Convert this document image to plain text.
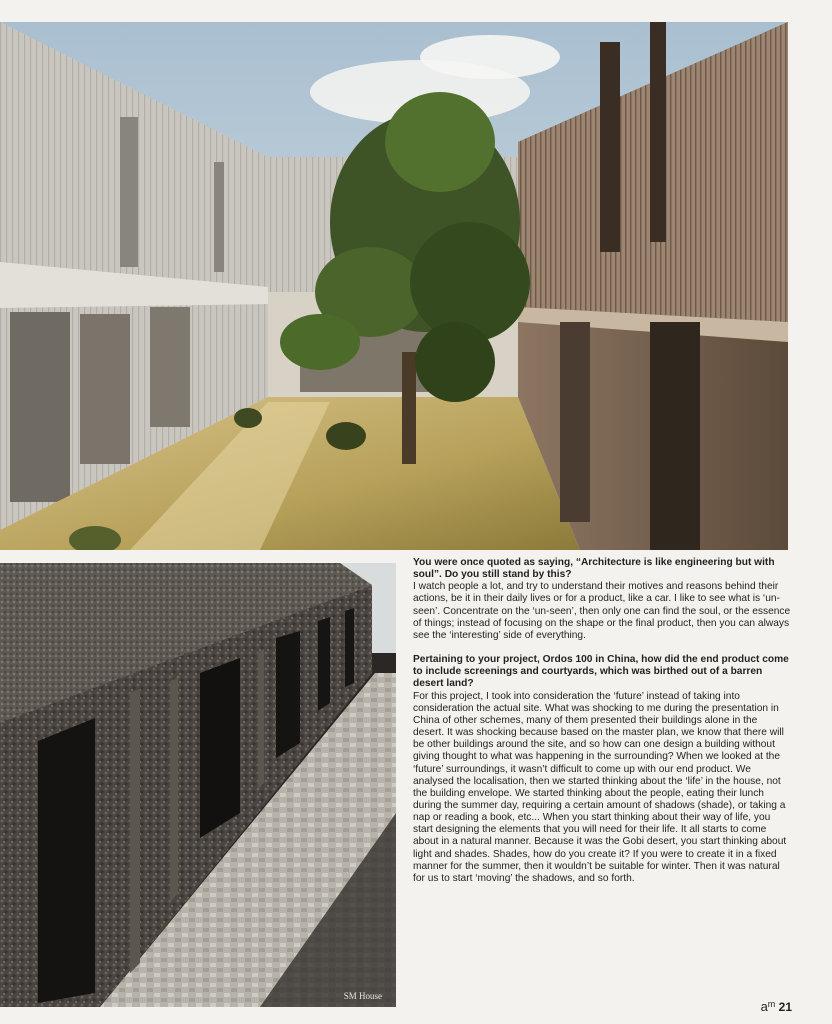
SM House

You were once quoted as saying, “Architecture is like engineering but with soul”. Do you still stand by this?

I watch people a lot, and try to understand their motives and reasons behind their actions, be it in their daily lives or for a product, like a car. I like to see what is ‘un-seen’. Concentrate on the ‘un-seen’, then only one can find the soul, or the essence of things; instead of focusing on the shape or the final product, then you can always see the ‘interesting’ side of everything.

Pertaining to your project, Ordos 100 in China, how did the end product come to include screenings and courtyards, which was birthed out of a barren desert land?

For this project, I took into consideration the ‘future’ instead of taking into consideration the actual site. What was shocking to me during the presentation in China of other schemes, many of them presented their buildings alone in the desert. It was shocking because based on the master plan, we know that there will be other buildings around the site, and so how can one design a building without giving thought to what was happening in the surrounding? When we looked at the ‘future’ surroundings, it wasn’t difficult to come up with our end product. We analysed the localisation, then we started thinking about the ‘life’ in the house, not the building envelope. We started thinking about the people, eating their lunch during the summer day, requiring a certain amount of shadows (shade), or taking a nap or reading a book, etc... When you start thinking about their way of life, you start designing the elements that you will need for their life. It all starts to come about in a natural manner. Because it was the Gobi desert, you start thinking about light and shades. Shades, how do you create it? If you were to create it in a fixed manner for the summer, then it wouldn’t be suitable for winter. Then it was natural for us to start ‘moving’ the shadows, and so forth.

$a^m$ 21
